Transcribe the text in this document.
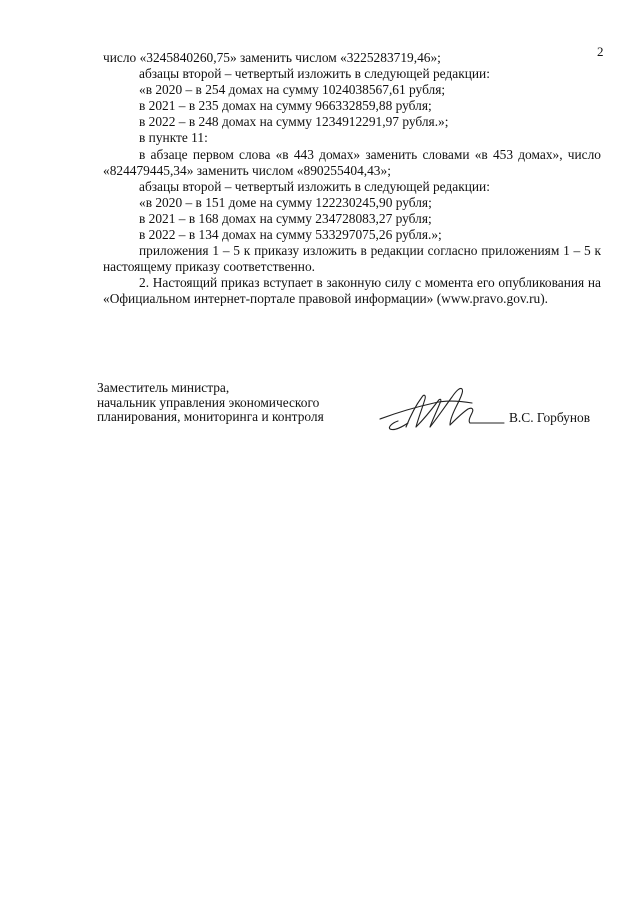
2

число «3245840260,75» заменить числом «3225283719,46»;

абзацы второй – четвертый изложить в следующей редакции:

«в 2020 – в 254 домах на сумму 1024038567,61 рубля;

в 2021 – в 235 домах на сумму 966332859,88 рубля;

в 2022 – в 248 домах на сумму 1234912291,97 рубля.»;

в пункте 11:

в абзаце первом слова «в 443 домах» заменить словами «в 453 домах», число «824479445,34» заменить числом «890255404,43»;

абзацы второй – четвертый изложить в следующей редакции:

«в 2020 – в 151 доме на сумму 122230245,90 рубля;

в 2021 – в 168 домах на сумму 234728083,27 рубля;

в 2022 – в 134 домах на сумму 533297075,26 рубля.»;

приложения 1 – 5 к приказу изложить в редакции согласно приложениям 1 – 5 к настоящему приказу соответственно.

2. Настоящий приказ вступает в законную силу с момента его опубликования на «Официальном интернет-портале правовой информации» (www.pravo.gov.ru).

Заместитель министра,
начальник управления экономического
планирования, мониторинга и контроля	В.С. Горбунов
